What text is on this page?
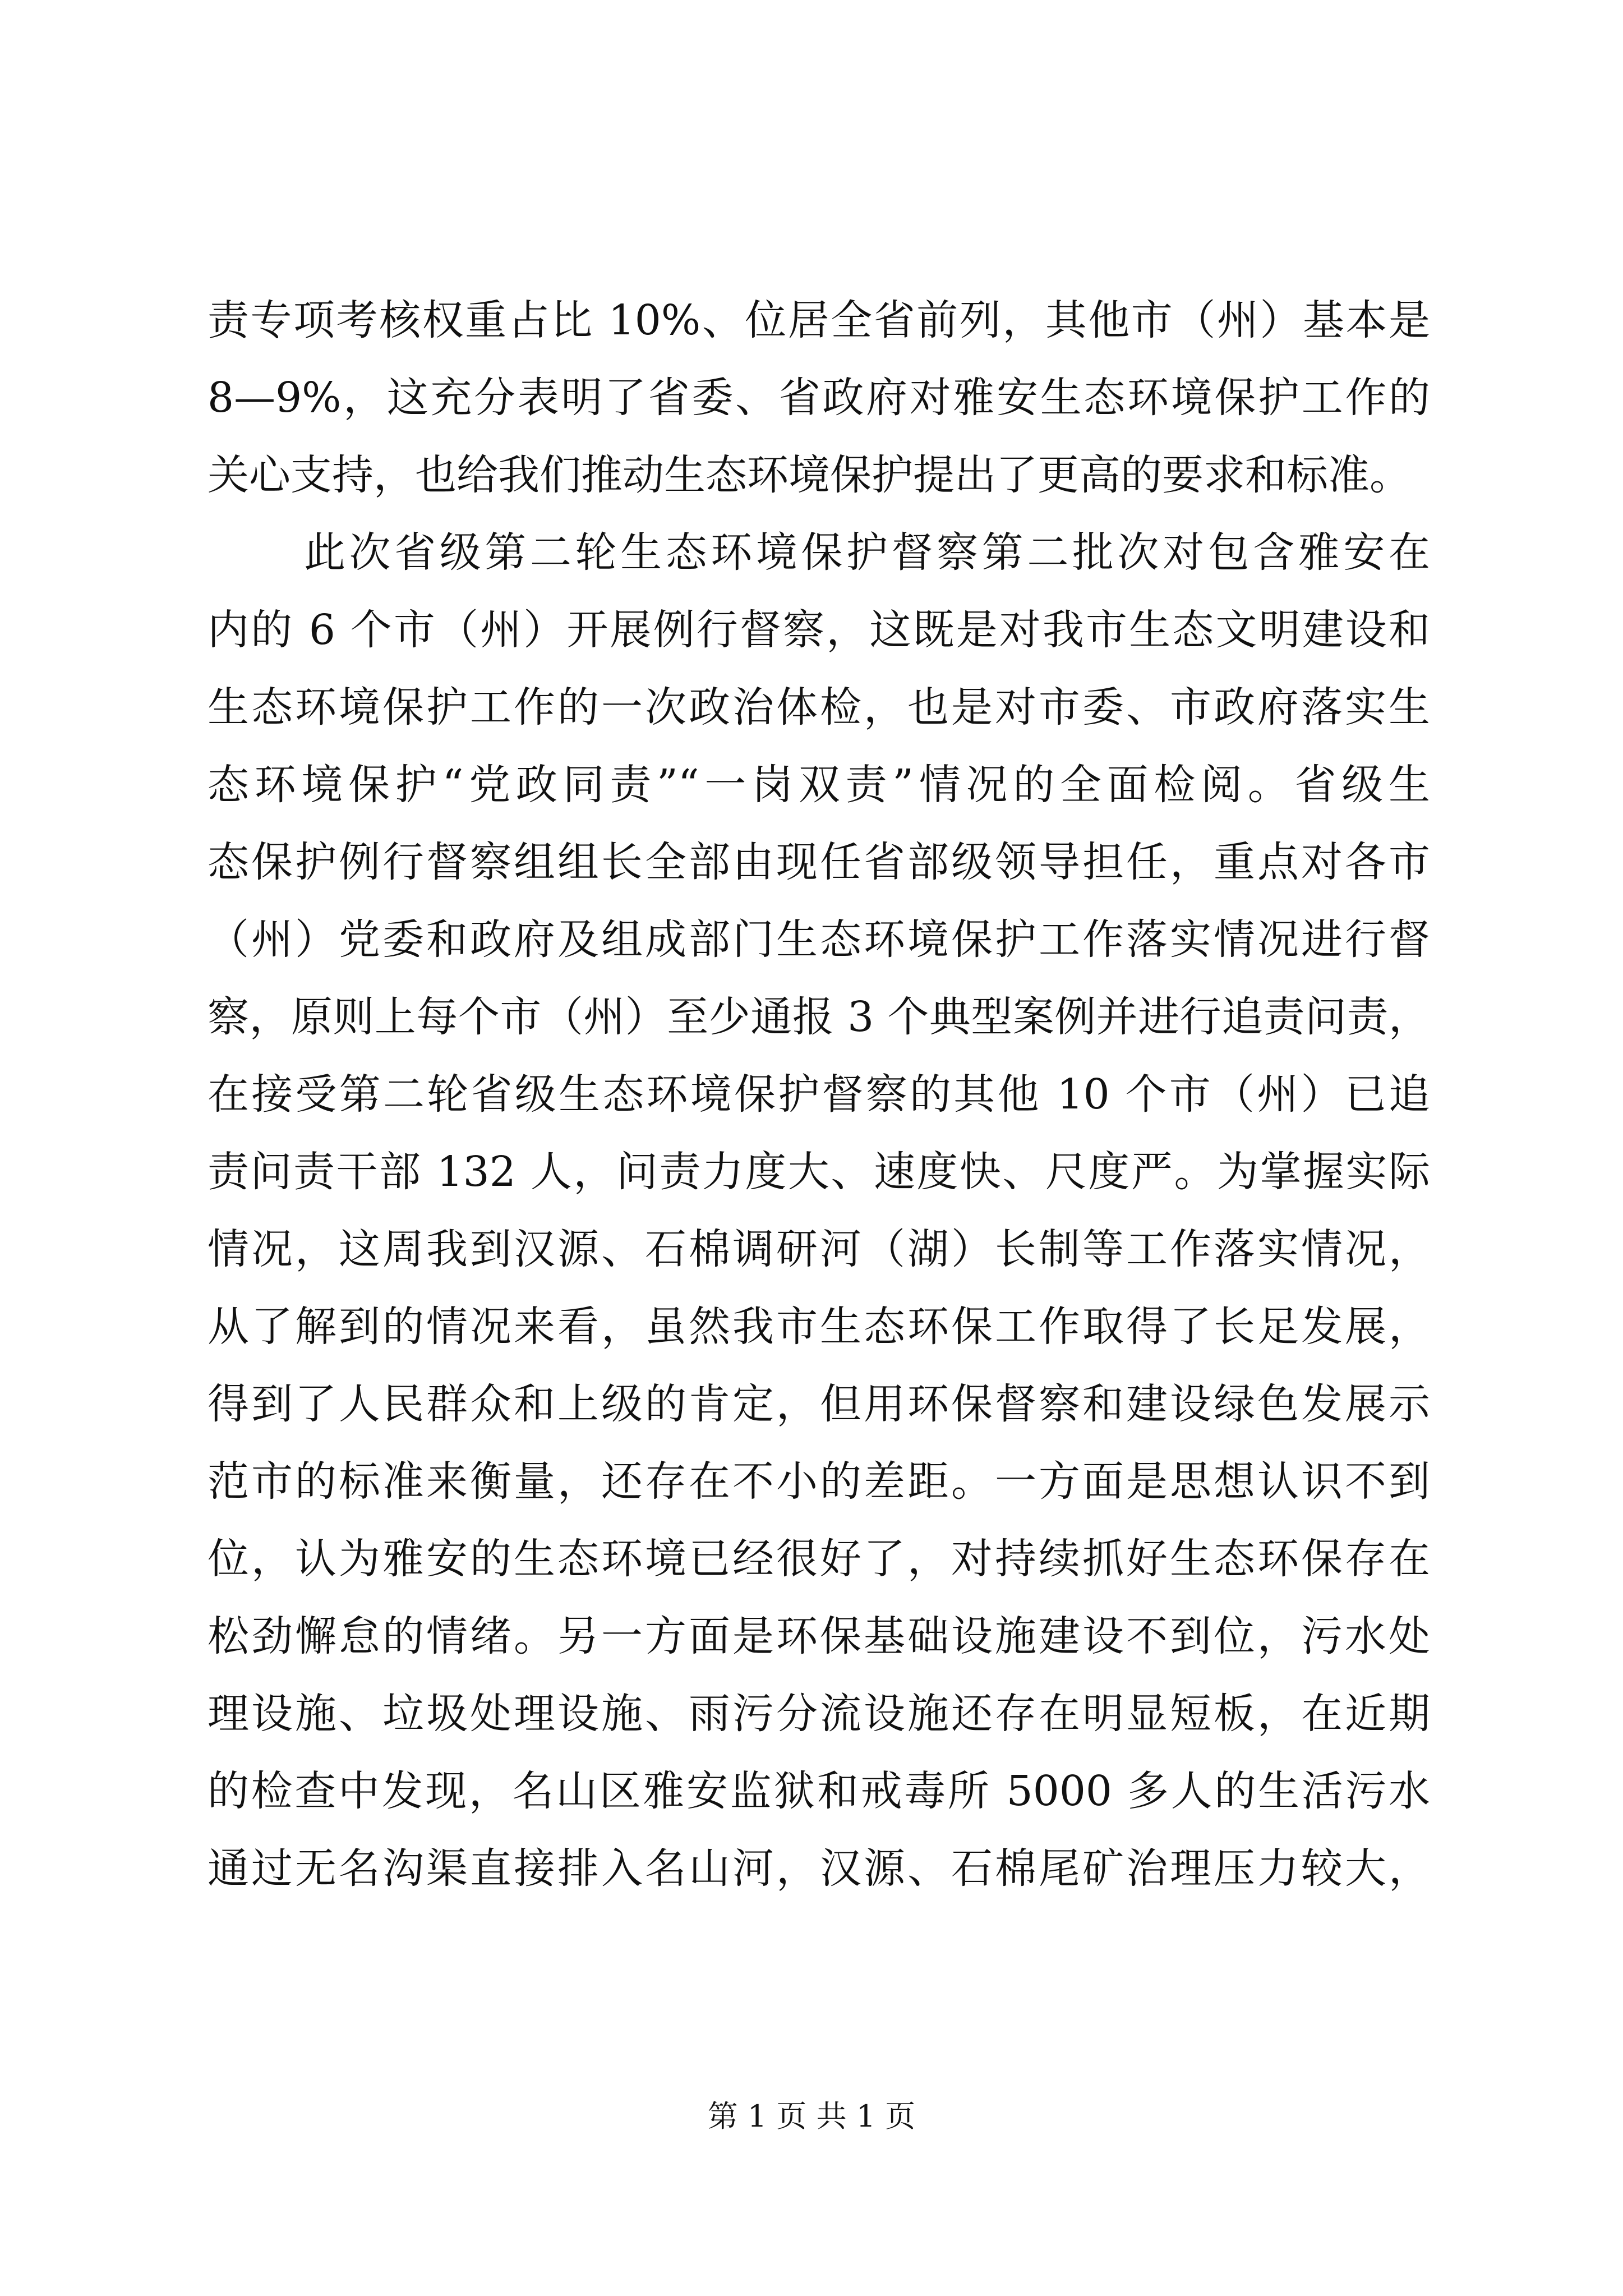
责专项考核权重占比 10%、位居全省前列，其他市（州）基本是
8—9%，这充分表明了省委、省政府对雅安生态环境保护工作的
关心支持，也给我们推动生态环境保护提出了更高的要求和标准。
此次省级第二轮生态环境保护督察第二批次对包含雅安在
内的 6 个市（州）开展例行督察，这既是对我市生态文明建设和
生态环境保护工作的一次政治体检，也是对市委、市政府落实生
态环境保护“党政同责”“一岗双责”情况的全面检阅。省级生
态保护例行督察组组长全部由现任省部级领导担任，重点对各市
（州）党委和政府及组成部门生态环境保护工作落实情况进行督
察，原则上每个市（州）至少通报 3 个典型案例并进行追责问责，
在接受第二轮省级生态环境保护督察的其他 10 个市（州）已追
责问责干部 132 人，问责力度大、速度快、尺度严。为掌握实际
情况，这周我到汉源、石棉调研河（湖）长制等工作落实情况，
从了解到的情况来看，虽然我市生态环保工作取得了长足发展，
得到了人民群众和上级的肯定，但用环保督察和建设绿色发展示
范市的标准来衡量，还存在不小的差距。一方面是思想认识不到
位，认为雅安的生态环境已经很好了，对持续抓好生态环保存在
松劲懈怠的情绪。另一方面是环保基础设施建设不到位，污水处
理设施、垃圾处理设施、雨污分流设施还存在明显短板，在近期
的检查中发现，名山区雅安监狱和戒毒所 5000 多人的生活污水
通过无名沟渠直接排入名山河，汉源、石棉尾矿治理压力较大，
第 1 页 共 1 页
